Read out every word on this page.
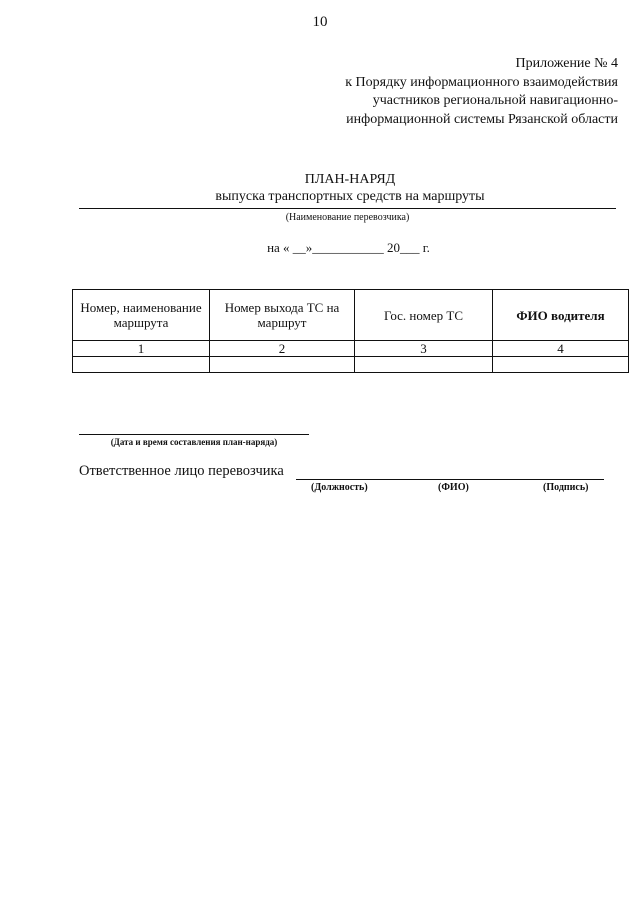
10
Приложение № 4
к Порядку информационного взаимодействия
участников региональной навигационно-
информационной системы Рязанской области
ПЛАН-НАРЯД
выпуска транспортных средств на маршруты
(Наименование перевозчика)
на « __»___________ 20___ г.
Номер, наименование маршрута	Номер выхода ТС на маршрут	Гос. номер ТС	ФИО водителя
1	2	3	4

(Дата и время составления план-наряда)
Ответственное лицо перевозчика
(Должность)	(ФИО)	(Подпись)
